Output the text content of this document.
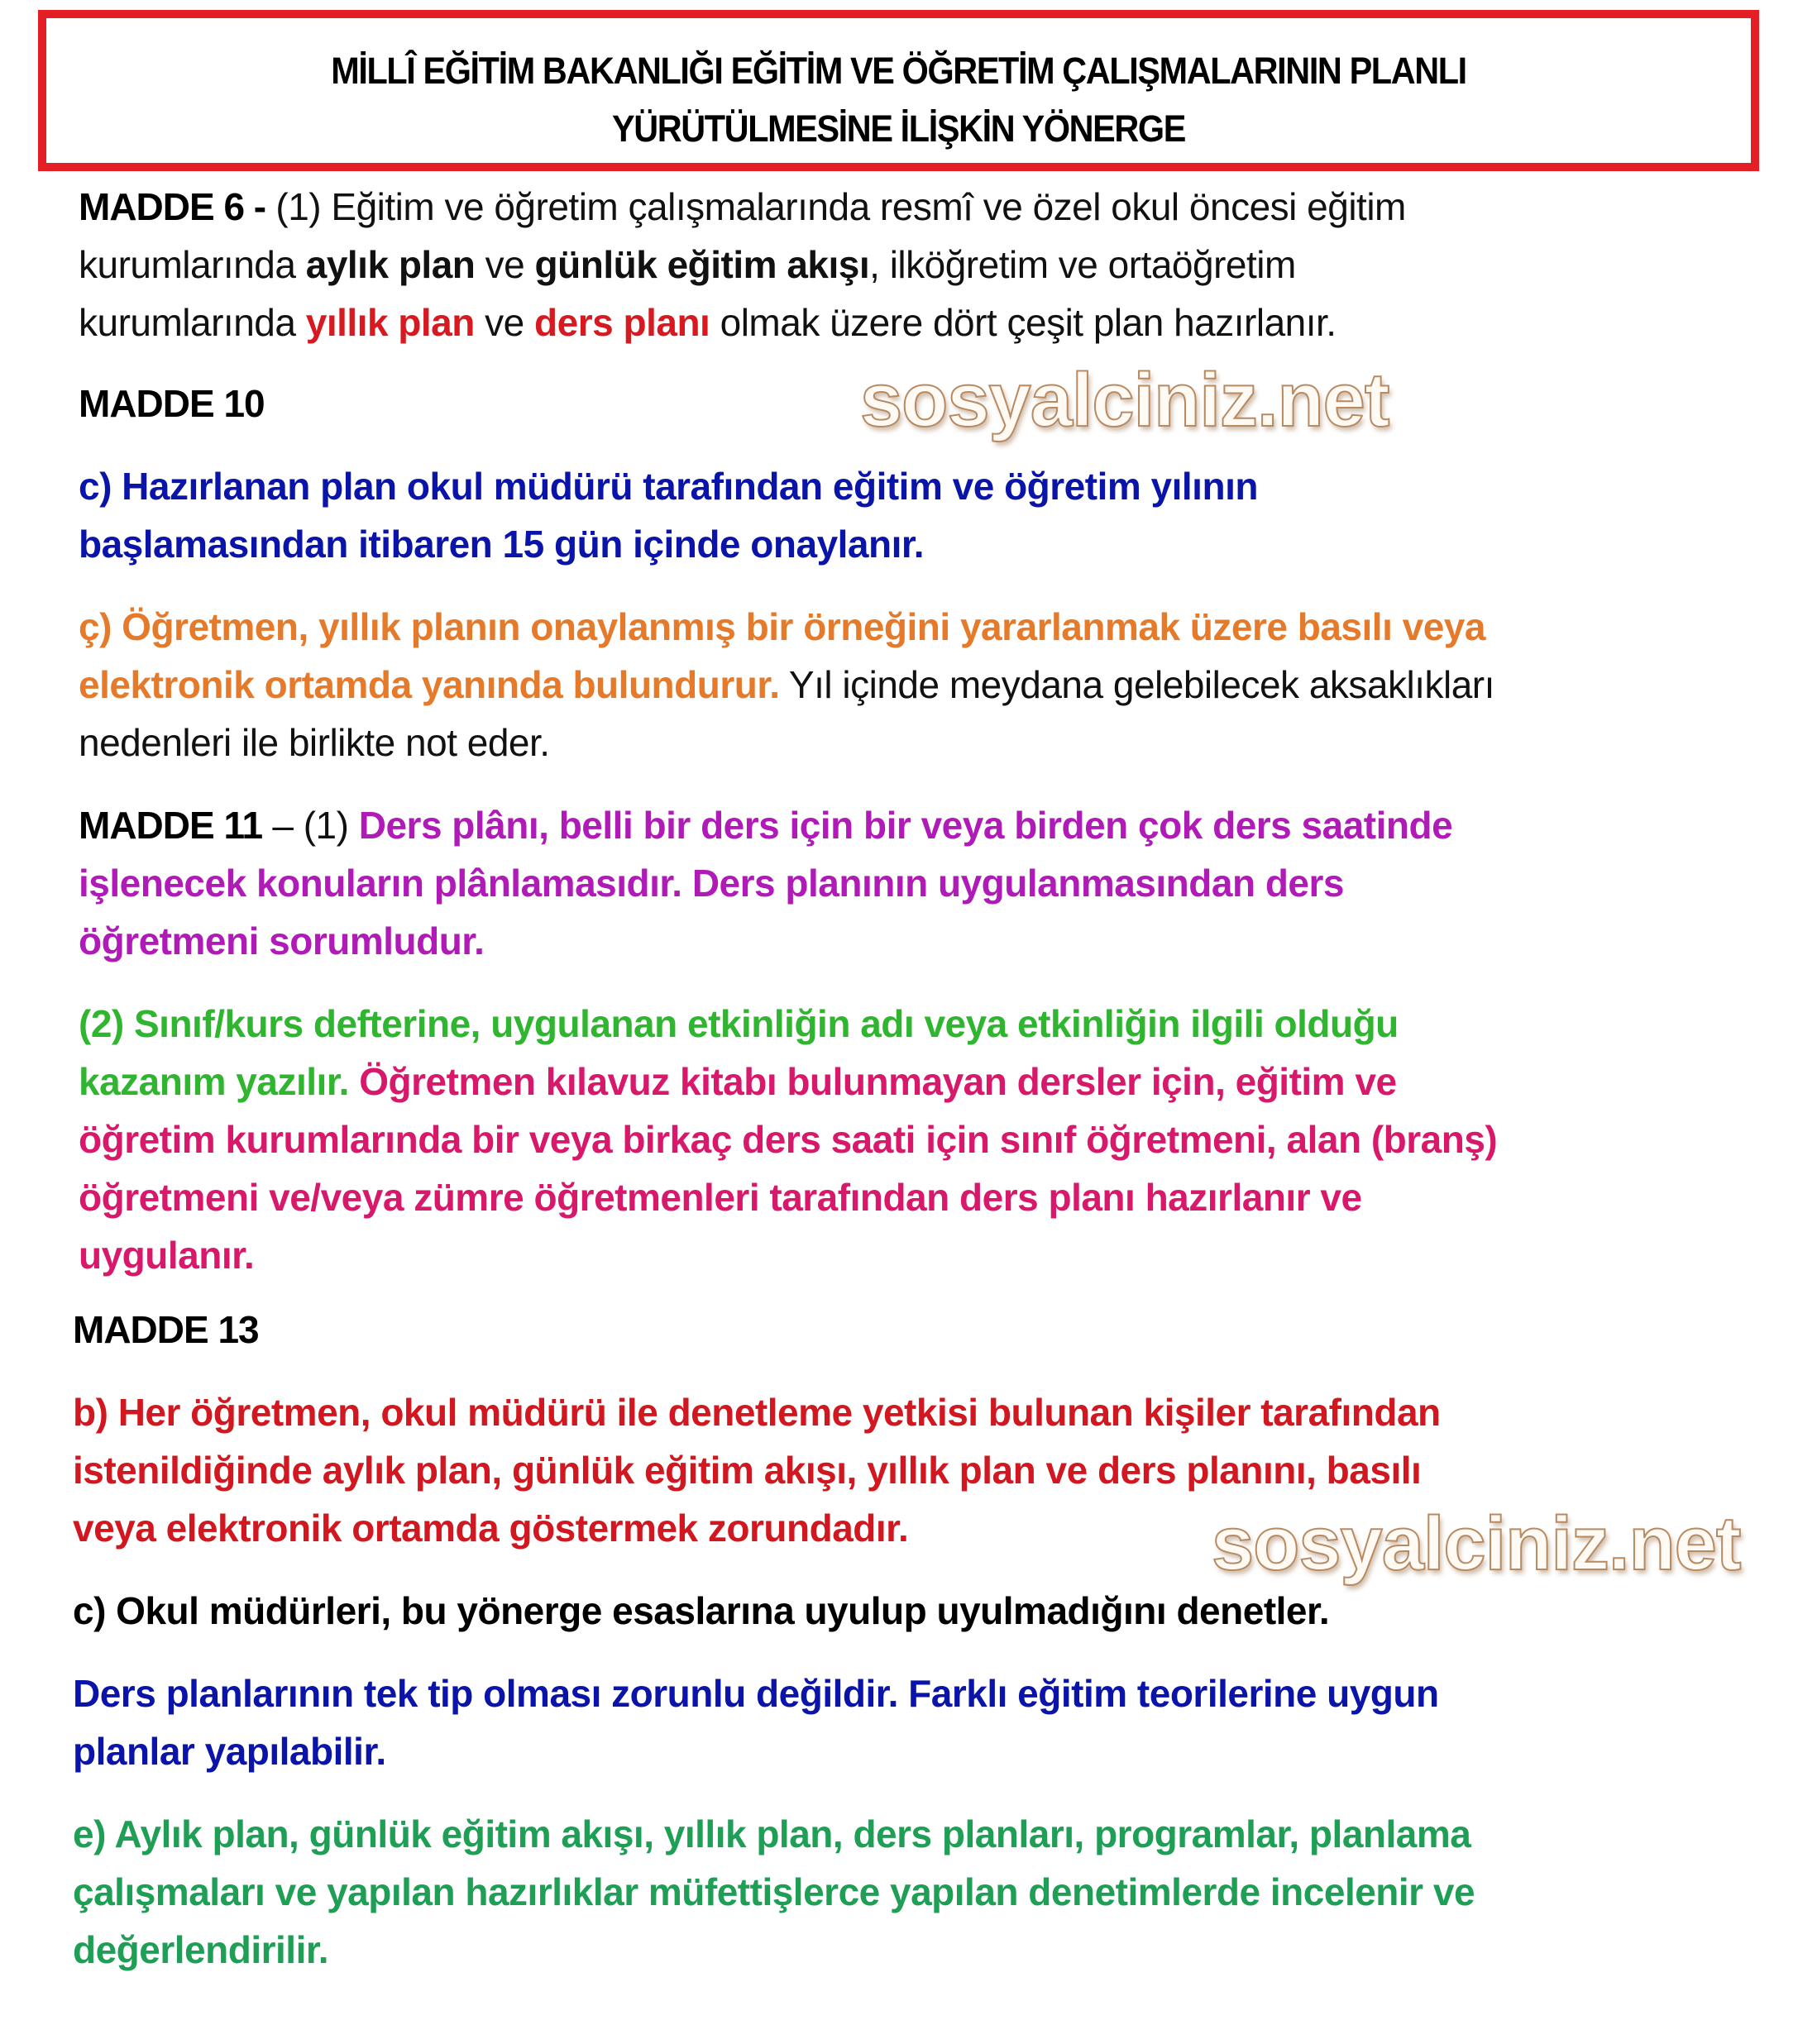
MİLLÎ EĞİTİM BAKANLIĞI EĞİTİM VE ÖĞRETİM ÇALIŞMALARININ PLANLI
YÜRÜTÜLMESİNE İLİŞKİN YÖNERGE
MADDE 6 - (1) Eğitim ve öğretim çalışmalarında resmî ve özel okul öncesi eğitim
kurumlarında aylık plan ve günlük eğitim akışı, ilköğretim ve ortaöğretim
kurumlarında yıllık plan ve ders planı olmak üzere dört çeşit plan hazırlanır.
MADDE 10	sosyalciniz.net
c) Hazırlanan plan okul müdürü tarafından eğitim ve öğretim yılının
başlamasından itibaren 15 gün içinde onaylanır.
ç) Öğretmen, yıllık planın onaylanmış bir örneğini yararlanmak üzere basılı veya
elektronik ortamda yanında bulundurur. Yıl içinde meydana gelebilecek aksaklıkları
nedenleri ile birlikte not eder.
MADDE 11 – (1) Ders plânı, belli bir ders için bir veya birden çok ders saatinde
işlenecek konuların plânlamasıdır. Ders planının uygulanmasından ders
öğretmeni sorumludur.
(2) Sınıf/kurs defterine, uygulanan etkinliğin adı veya etkinliğin ilgili olduğu
kazanım yazılır. Öğretmen kılavuz kitabı bulunmayan dersler için, eğitim ve
öğretim kurumlarında bir veya birkaç ders saati için sınıf öğretmeni, alan (branş)
öğretmeni ve/veya zümre öğretmenleri tarafından ders planı hazırlanır ve
uygulanır.
MADDE 13
b) Her öğretmen, okul müdürü ile denetleme yetkisi bulunan kişiler tarafından
istenildiğinde aylık plan, günlük eğitim akışı, yıllık plan ve ders planını, basılı
veya elektronik ortamda göstermek zorundadır.	sosyalciniz.net
c) Okul müdürleri, bu yönerge esaslarına uyulup uyulmadığını denetler.
Ders planlarının tek tip olması zorunlu değildir. Farklı eğitim teorilerine uygun
planlar yapılabilir.
e) Aylık plan, günlük eğitim akışı, yıllık plan, ders planları, programlar, planlama
çalışmaları ve yapılan hazırlıklar müfettişlerce yapılan denetimlerde incelenir ve
değerlendirilir.
